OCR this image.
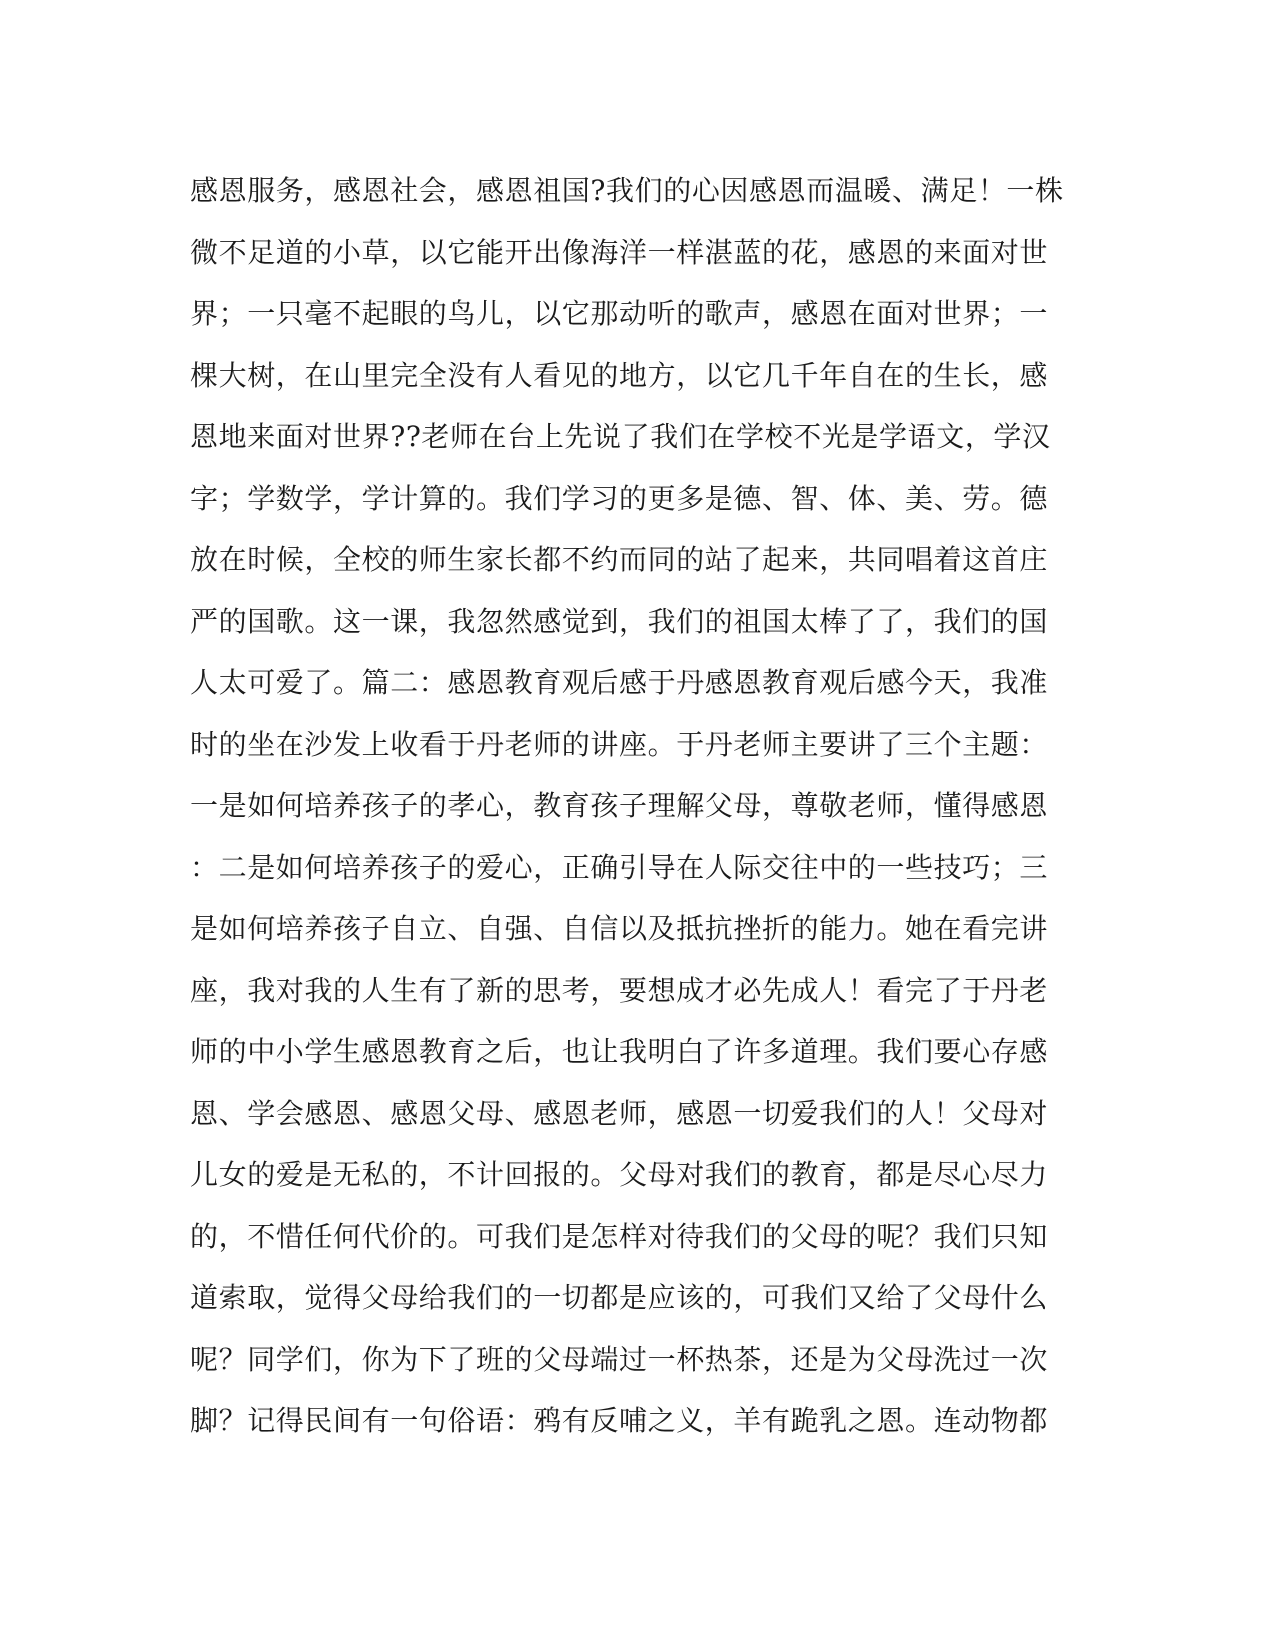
感恩服务，感恩社会，感恩祖国?我们的心因感恩而温暖、满足！一株
微不足道的小草，以它能开出像海洋一样湛蓝的花，感恩的来面对世
界；一只毫不起眼的鸟儿，以它那动听的歌声，感恩在面对世界；一
棵大树，在山里完全没有人看见的地方，以它几千年自在的生长，感
恩地来面对世界??老师在台上先说了我们在学校不光是学语文，学汉
字；学数学，学计算的。我们学习的更多是德、智、体、美、劳。德
放在时候，全校的师生家长都不约而同的站了起来，共同唱着这首庄
严的国歌。这一课，我忽然感觉到，我们的祖国太棒了了，我们的国
人太可爱了。篇二：感恩教育观后感于丹感恩教育观后感今天，我准
时的坐在沙发上收看于丹老师的讲座。于丹老师主要讲了三个主题：
一是如何培养孩子的孝心，教育孩子理解父母，尊敬老师，懂得感恩
：二是如何培养孩子的爱心，正确引导在人际交往中的一些技巧；三
是如何培养孩子自立、自强、自信以及抵抗挫折的能力。她在看完讲
座，我对我的人生有了新的思考，要想成才必先成人！看完了于丹老
师的中小学生感恩教育之后，也让我明白了许多道理。我们要心存感
恩、学会感恩、感恩父母、感恩老师，感恩一切爱我们的人！父母对
儿女的爱是无私的，不计回报的。父母对我们的教育，都是尽心尽力
的，不惜任何代价的。可我们是怎样对待我们的父母的呢？我们只知
道索取，觉得父母给我们的一切都是应该的，可我们又给了父母什么
呢？同学们，你为下了班的父母端过一杯热茶，还是为父母洗过一次
脚？记得民间有一句俗语：鸦有反哺之义，羊有跪乳之恩。连动物都
